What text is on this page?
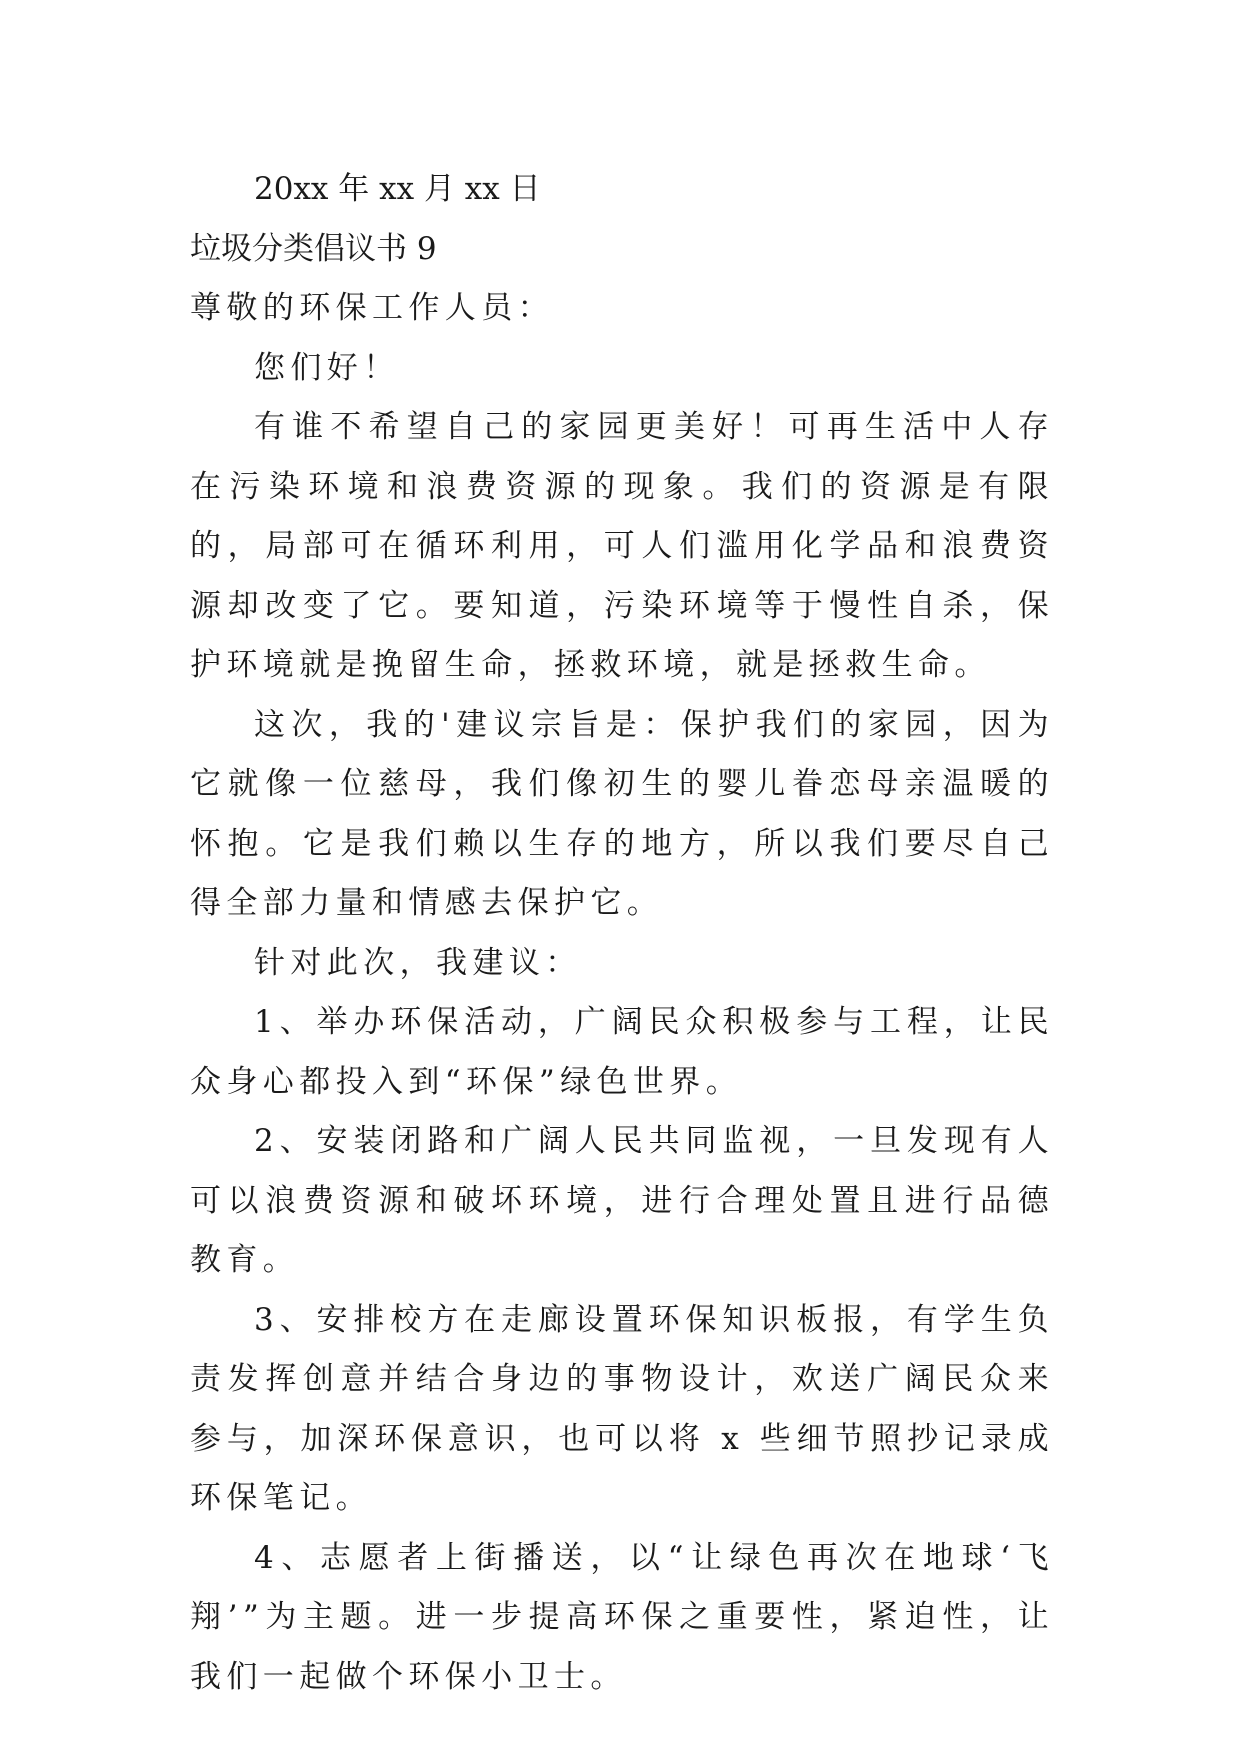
20xx 年 xx 月 xx 日

垃圾分类倡议书 9

尊敬的环保工作人员：

您们好！

有谁不希望自己的家园更美好！可再生活中人存在污染环境和浪费资源的现象。我们的资源是有限的，局部可在循环利用，可人们滥用化学品和浪费资源却改变了它。要知道，污染环境等于慢性自杀，保护环境就是挽留生命，拯救环境，就是拯救生命。

这次，我的'建议宗旨是：保护我们的家园，因为它就像一位慈母，我们像初生的婴儿眷恋母亲温暖的怀抱。它是我们赖以生存的地方，所以我们要尽自己得全部力量和情感去保护它。

针对此次，我建议：

1、举办环保活动，广阔民众积极参与工程，让民众身心都投入到“环保”绿色世界。

2、安装闭路和广阔人民共同监视，一旦发现有人可以浪费资源和破坏环境，进行合理处置且进行品德教育。

3、安排校方在走廊设置环保知识板报，有学生负责发挥创意并结合身边的事物设计，欢送广阔民众来参与，加深环保意识，也可以将 x 些细节照抄记录成环保笔记。

4、志愿者上街播送，以“让绿色再次在地球‘飞翔’”为主题。进一步提高环保之重要性，紧迫性，让我们一起做个环保小卫士。
